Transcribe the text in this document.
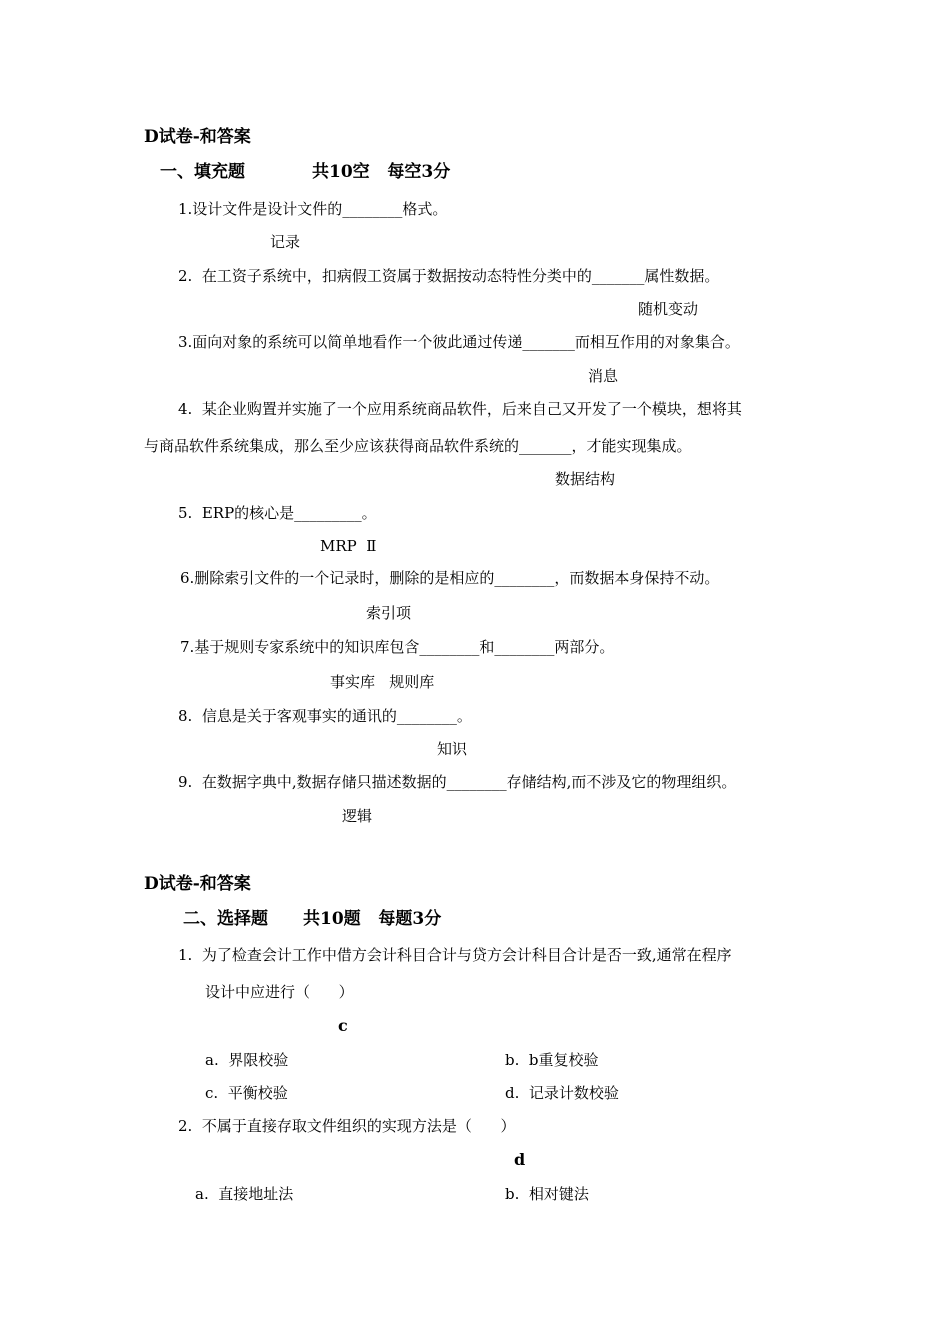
D试卷-和答案
一、填充题	共10空   每空3分
1.设计文件是设计文件的________格式。
记录
2.  在工资子系统中，扣病假工资属于数据按动态特性分类中的_______属性数据。
随机变动
3.面向对象的系统可以简单地看作一个彼此通过传递_______而相互作用的对象集合。
消息
4.  某企业购置并实施了一个应用系统商品软件，后来自己又开发了一个模块，想将其
与商品软件系统集成，那么至少应该获得商品软件系统的_______，才能实现集成。
数据结构
5.  ERP的核心是_________。
MRP  Ⅱ
6.删除索引文件的一个记录时，删除的是相应的________，而数据本身保持不动。
索引项
7.基于规则专家系统中的知识库包含________和________两部分。
事实库   规则库
8.  信息是关于客观事实的通讯的________。
知识
9.  在数据字典中,数据存储只描述数据的________存储结构,而不涉及它的物理组织。
逻辑
D试卷-和答案
二、选择题 共10题   每题3分
1.  为了检查会计工作中借方会计科目合计与贷方会计科目合计是否一致,通常在程序
设计中应进行（      ）
c
a.  界限校验	b.  b重复校验
c.  平衡校验	d.  记录计数校验
2.  不属于直接存取文件组织的实现方法是（      ）
d
a.  直接地址法	b.  相对键法
